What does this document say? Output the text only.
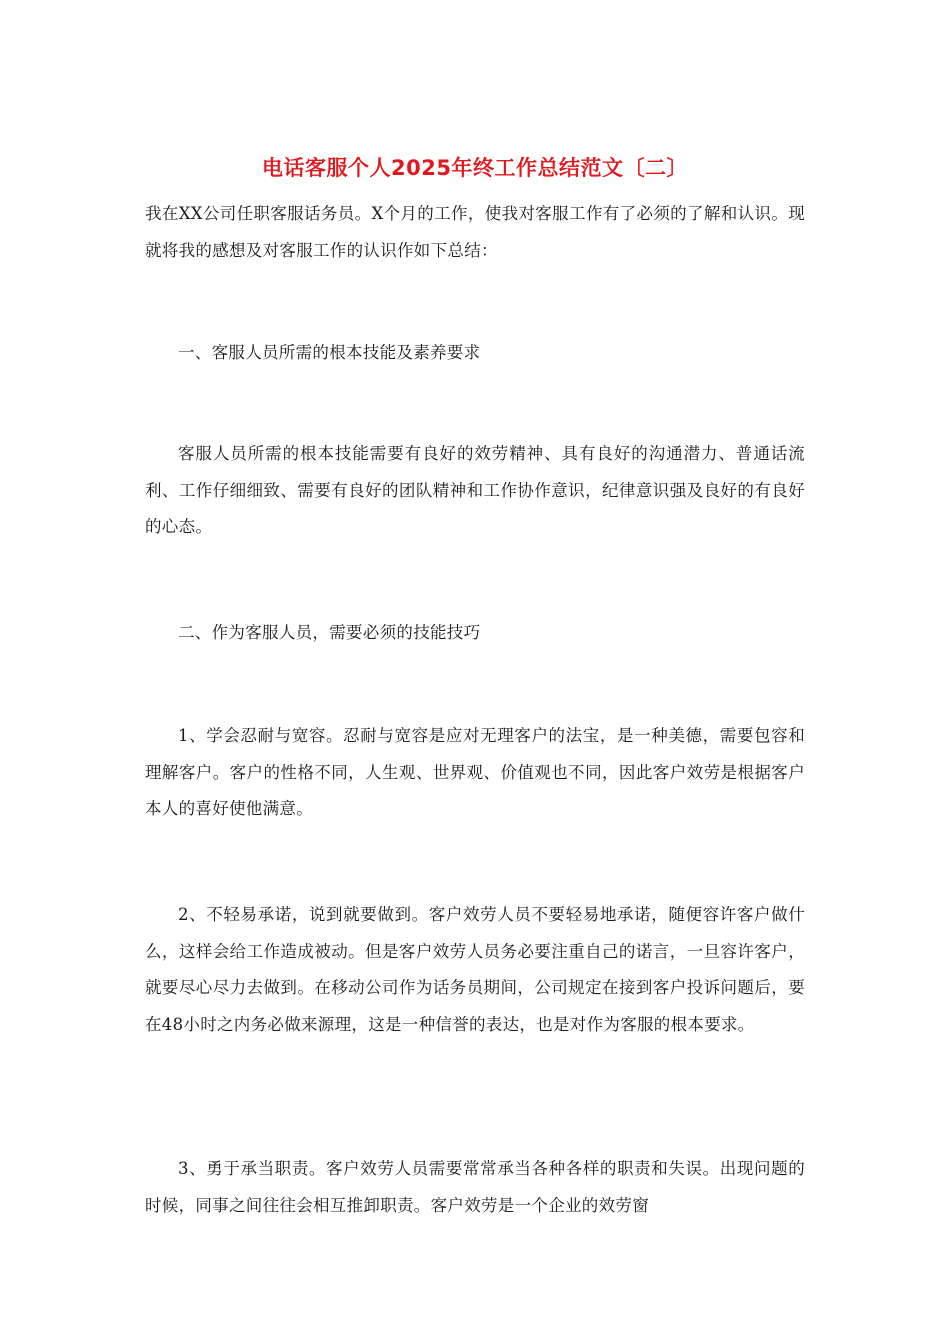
电话客服个人2025年终工作总结范文〔二〕
我在XX公司任职客服话务员。X个月的工作，使我对客服工作有了必须的了解和认识。现就将我的感想及对客服工作的认识作如下总结：
一、客服人员所需的根本技能及素养要求
客服人员所需的根本技能需要有良好的效劳精神、具有良好的沟通潜力、普通话流利、工作仔细细致、需要有良好的团队精神和工作协作意识，纪律意识强及良好的有良好的心态。
二、作为客服人员，需要必须的技能技巧
1、学会忍耐与宽容。忍耐与宽容是应对无理客户的法宝，是一种美德，需要包容和理解客户。客户的性格不同，人生观、世界观、价值观也不同，因此客户效劳是根据客户本人的喜好使他满意。
2、不轻易承诺，说到就要做到。客户效劳人员不要轻易地承诺，随便容许客户做什么，这样会给工作造成被动。但是客户效劳人员务必要注重自己的诺言，一旦容许客户，就要尽心尽力去做到。在移动公司作为话务员期间，公司规定在接到客户投诉问题后，要在48小时之内务必做来源理，这是一种信誉的表达，也是对作为客服的根本要求。
3、勇于承当职责。客户效劳人员需要常常承当各种各样的职责和失误。出现问题的时候，同事之间往往会相互推卸职责。客户效劳是一个企业的效劳窗
